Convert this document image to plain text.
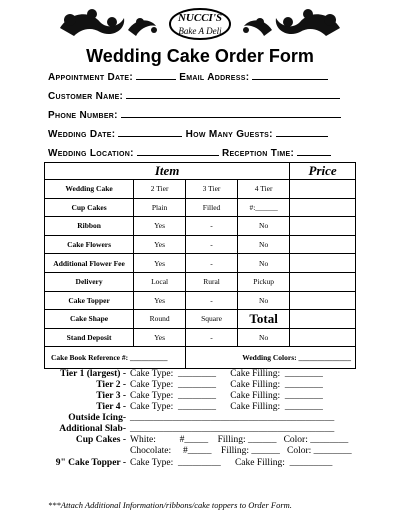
NUCCI'S
Bake A Deli
Wedding Cake Order Form
Appointment Date:	Email Address:
Customer Name:
Phone Number:
Wedding Date:	How Many Guests:
Wedding Location:	Reception Time:
Item				Price
Wedding Cake	2 Tier	3 Tier	4 Tier	
Cup Cakes	Plain	Filled	#:______	
Ribbon	Yes	-	No	
Cake Flowers	Yes	-	No	
Additional Flower Fee	Yes	-	No	
Delivery	Local	Rural	Pickup	
Cake Topper	Yes	-	No	
Cake Shape	Round	Square	Total	
Stand Deposit	Yes	-	No	
Cake Book Reference #: __________		Wedding Colors: ______________		
Tier 1 (largest) - Cake Type:  ________      Cake Filling:  ________
Tier 2 - Cake Type:  ________      Cake Filling:  ________
Tier 3 - Cake Type:  ________      Cake Filling:  ________
Tier 4 - Cake Type:  ________      Cake Filling:  ________
Outside Icing- ___________________________________________
Additional Slab- ___________________________________________
Cup Cakes - White:          #_____    Filling: ______   Color: ________
Chocolate:     #_____    Filling: ______   Color: ________
9" Cake Topper - Cake Type:  _________      Cake Filling:  _________
***Attach Additional Information/ribbons/cake toppers to Order Form.
